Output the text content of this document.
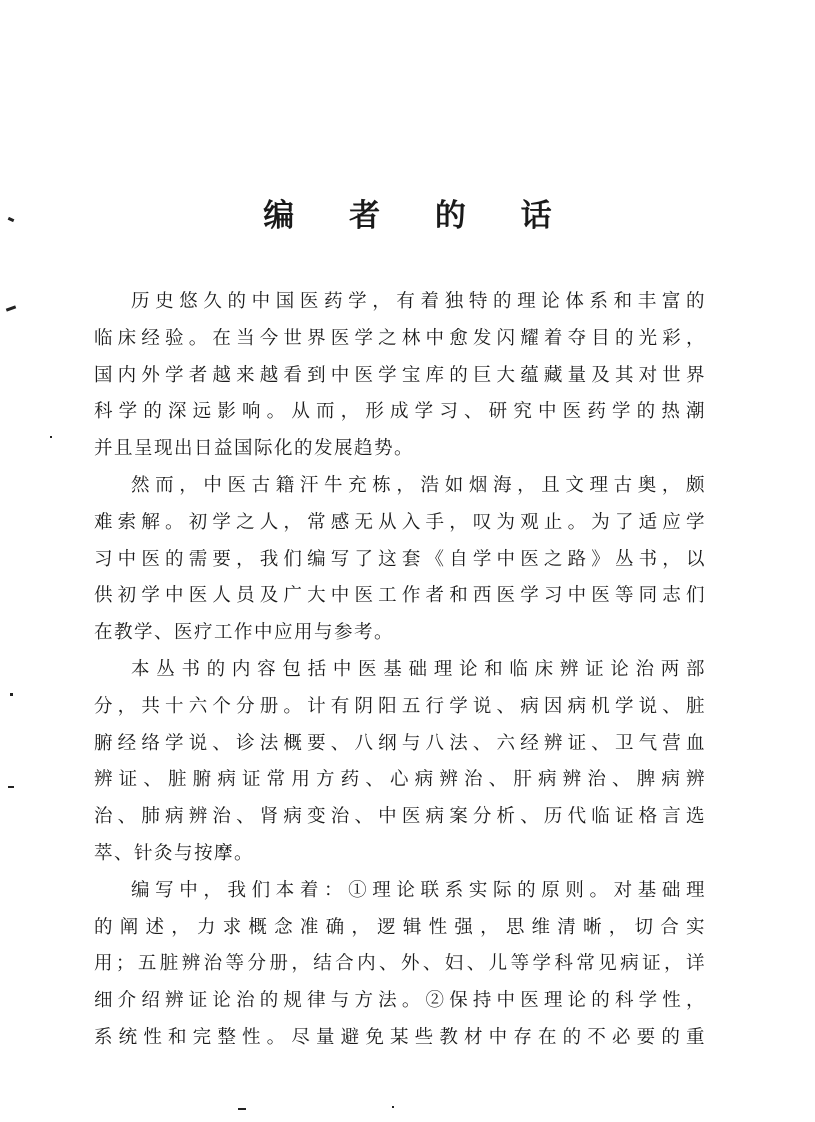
编 者 的 话
历史悠久的中国医药学，有着独特的理论体系和丰富的
临床经验。在当今世界医学之林中愈发闪耀着夺目的光彩，
国内外学者越来越看到中医学宝库的巨大蕴藏量及其对世界
科学的深远影响。从而，形成学习、研究中医药学的热潮
并且呈现出日益国际化的发展趋势。
然而，中医古籍汗牛充栋，浩如烟海，且文理古奥，颇
难索解。初学之人，常感无从入手，叹为观止。为了适应学
习中医的需要，我们编写了这套《自学中医之路》丛书，以
供初学中医人员及广大中医工作者和西医学习中医等同志们
在教学、医疗工作中应用与参考。
本丛书的内容包括中医基础理论和临床辨证论治两部
分，共十六个分册。计有阴阳五行学说、病因病机学说、脏
腑经络学说、诊法概要、八纲与八法、六经辨证、卫气营血
辨证、脏腑病证常用方药、心病辨治、肝病辨治、脾病辨
治、肺病辨治、肾病变治、中医病案分析、历代临证格言选
萃、针灸与按摩。
编写中，我们本着：①理论联系实际的原则。对基础理
的阐述，力求概念准确，逻辑性强，思维清晰，切合实
用；五脏辨治等分册，结合内、外、妇、儿等学科常见病证，详
细介绍辨证论治的规律与方法。②保持中医理论的科学性，
系统性和完整性。尽量避免某些教材中存在的不必要的重
